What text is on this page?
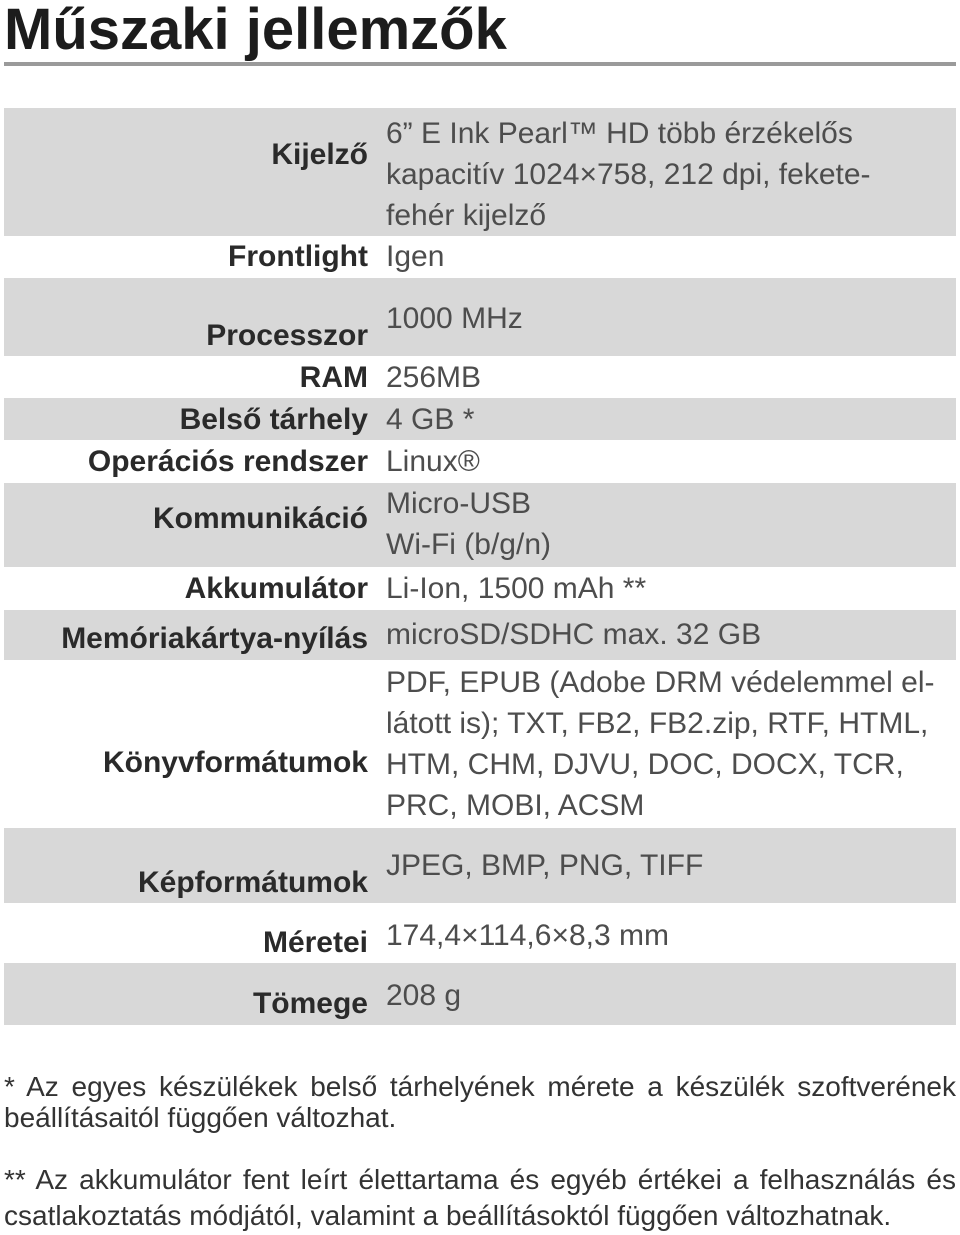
Műszaki jellemzők
Kijelző
6” E Ink Pearl™ HD több érzékelős
kapacitív 1024×758, 212 dpi, fekete-
fehér kijelző
Frontlight Igen
Processzor
1000 MHz
RAM 256MB
Belső tárhely 4 GB *
Operációs rendszer Linux®
Kommunikáció Micro-USB
Wi-Fi (b/g/n)
Akkumulátor Li-Ion, 1500 mAh **
Memóriakártya-nyílás microSD/SDHC max. 32 GB
Könyvformátumok
PDF, EPUB (Adobe DRM védelemmel el-
látott is); TXT, FB2, FB2.zip, RTF, HTML,
HTM, CHM, DJVU, DOC, DOCX, TCR,
PRC, MOBI, ACSM
Képformátumok
JPEG, BMP, PNG, TIFF
Méretei 174,4×114,6×8,3 mm
Tömege 208 g
* Az egyes készülékek belső tárhelyének mérete a készülék szoftverének
beállításaitól függően változhat.
** Az akkumulátor fent leírt élettartama és egyéb értékei a felhasználás és
csatlakoztatás módjától, valamint a beállításoktól függően változhatnak.
